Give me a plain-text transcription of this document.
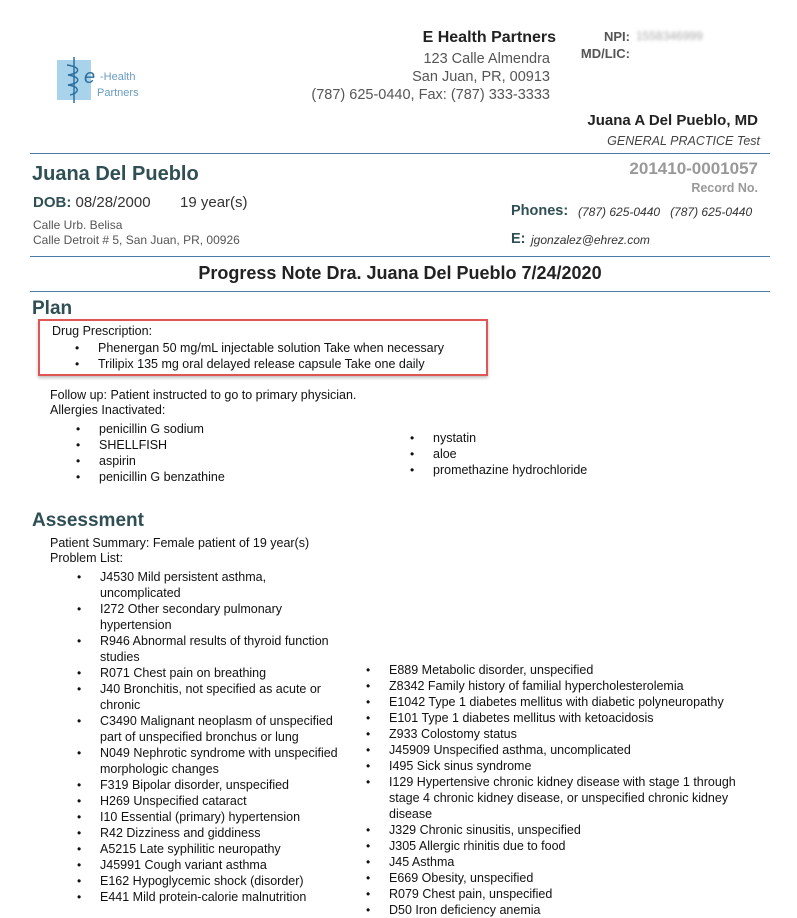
e -Health
Partners
E Health Partners
123 Calle Almendra
San Juan, PR, 00913
(787) 625-0440, Fax: (787) 333-3333
NPI: 1558346999
MD/LIC:
Juana A Del Pueblo, MD
GENERAL PRACTICE Test
Juana Del Pueblo	201410-0001057
Record No.
DOB: 08/28/2000 19 year(s)
Calle Urb. Belisa
Calle Detroit # 5, San Juan, PR, 00926
Phones: (787) 625-0440   (787) 625-0440
E: jgonzalez@ehrez.com
Progress Note Dra. Juana Del Pueblo 7/24/2020
Plan
Drug Prescription:
• Phenergan 50 mg/mL injectable solution Take when necessary
• Trilipix 135 mg oral delayed release capsule Take one daily
Follow up: Patient instructed to go to primary physician.
Allergies Inactivated:
• penicillin G sodium
• SHELLFISH
• aspirin
• penicillin G benzathine
• nystatin
• aloe
• promethazine hydrochloride
Assessment
Patient Summary: Female patient of 19 year(s)
Problem List:
• J4530 Mild persistent asthma, uncomplicated
• I272 Other secondary pulmonary hypertension
• R946 Abnormal results of thyroid function studies
• R071 Chest pain on breathing
• J40 Bronchitis, not specified as acute or chronic
• C3490 Malignant neoplasm of unspecified part of unspecified bronchus or lung
• N049 Nephrotic syndrome with unspecified morphologic changes
• F319 Bipolar disorder, unspecified
• H269 Unspecified cataract
• I10 Essential (primary) hypertension
• R42 Dizziness and giddiness
• A5215 Late syphilitic neuropathy
• J45991 Cough variant asthma
• E162 Hypoglycemic shock (disorder)
• E441 Mild protein-calorie malnutrition
• E889 Metabolic disorder, unspecified
• Z8342 Family history of familial hypercholesterolemia
• E1042 Type 1 diabetes mellitus with diabetic polyneuropathy
• E101 Type 1 diabetes mellitus with ketoacidosis
• Z933 Colostomy status
• J45909 Unspecified asthma, uncomplicated
• I495 Sick sinus syndrome
• I129 Hypertensive chronic kidney disease with stage 1 through stage 4 chronic kidney disease, or unspecified chronic kidney disease
• J329 Chronic sinusitis, unspecified
• J305 Allergic rhinitis due to food
• J45 Asthma
• E669 Obesity, unspecified
• R079 Chest pain, unspecified
• D50 Iron deficiency anemia
